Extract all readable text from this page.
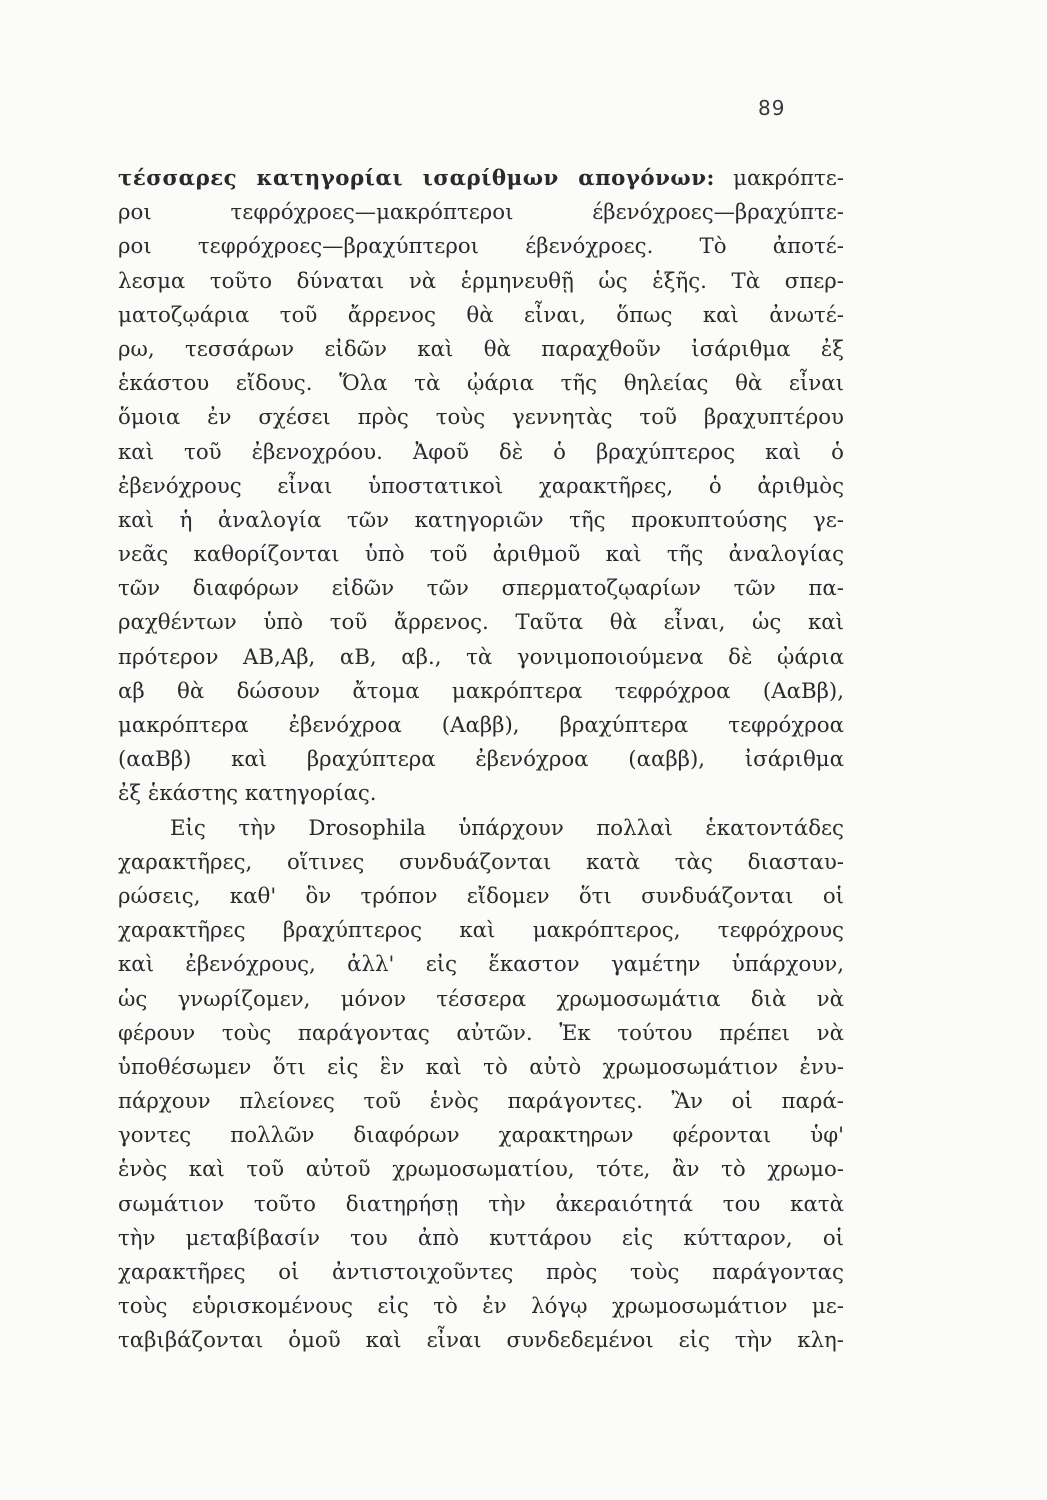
89
τέσσαρες κατηγορίαι ισαρίθμων απογόνων: μακρόπτε-
ροι τεφρόχροες—μακρόπτεροι έβενόχροες—βραχύπτε-
ροι τεφρόχροες—βραχύπτεροι έβενόχροες. Τὸ ἀποτέ-
λεσμα τοῦτο δύναται νὰ ἑρμηνευθῇ ὡς ἑξῆς. Τὰ σπερ-
ματοζῳάρια τοῦ ἄρρενος θὰ εἶναι, ὅπως καὶ ἀνωτέ-
ρω, τεσσάρων εἰδῶν καὶ θὰ παραχθοῦν ἰσάριθμα ἐξ
ἑκάστου εἴδους. Ὅλα τὰ ᾠάρια τῆς θηλείας θὰ εἶναι
ὅμοια ἐν σχέσει πρὸς τοὺς γεννητὰς τοῦ βραχυπτέρου
καὶ τοῦ ἐβενοχρόου. Ἀφοῦ δὲ ὁ βραχύπτερος καὶ ὁ
ἐβενόχρους εἶναι ὑποστατικοὶ χαρακτῆρες, ὁ ἀριθμὸς
καὶ ἡ ἀναλογία τῶν κατηγοριῶν τῆς προκυπτούσης γε-
νεᾶς καθορίζονται ὑπὸ τοῦ ἀριθμοῦ καὶ τῆς ἀναλογίας
τῶν διαφόρων εἰδῶν τῶν σπερματοζῳαρίων τῶν πα-
ραχθέντων ὑπὸ τοῦ ἄρρενος. Ταῦτα θὰ εἶναι, ὡς καὶ
πρότερον ΑΒ,Αβ, αΒ, αβ., τὰ γονιμοποιούμενα δὲ ᾠάρια
αβ θὰ δώσουν ἄτομα μακρόπτερα τεφρόχροα (ΑαΒβ),
μακρόπτερα ἐβενόχροα (Ααββ), βραχύπτερα τεφρόχροα
(ααΒβ) καὶ βραχύπτερα ἐβενόχροα (ααββ), ἰσάριθμα
ἐξ ἑκάστης κατηγορίας.
Εἰς τὴν Drosophila ὑπάρχουν πολλαὶ ἑκατοντάδες
χαρακτῆρες, οἵτινες συνδυάζονται κατὰ τὰς διασταυ-
ρώσεις, καθ' ὃν τρόπον εἴδομεν ὅτι συνδυάζονται οἱ
χαρακτῆρες βραχύπτερος καὶ μακρόπτερος, τεφρόχρους
καὶ ἐβενόχρους, ἀλλ' εἰς ἕκαστον γαμέτην ὑπάρχουν,
ὡς γνωρίζομεν, μόνον τέσσερα χρωμοσωμάτια διὰ νὰ
φέρουν τοὺς παράγοντας αὐτῶν. Ἐκ τούτου πρέπει νὰ
ὑποθέσωμεν ὅτι εἰς ἓν καὶ τὸ αὐτὸ χρωμοσωμάτιον ἐνυ-
πάρχουν πλείονες τοῦ ἑνὸς παράγοντες. Ἂν οἱ παρά-
γοντες πολλῶν διαφόρων χαρακτηρων φέρονται ὑφ'
ἑνὸς καὶ τοῦ αὐτοῦ χρωμοσωματίου, τότε, ἂν τὸ χρωμο-
σωμάτιον τοῦτο διατηρήσῃ τὴν ἀκεραιότητά του κατὰ
τὴν μεταβίβασίν του ἀπὸ κυττάρου εἰς κύτταρον, οἱ
χαρακτῆρες οἱ ἀντιστοιχοῦντες πρὸς τοὺς παράγοντας
τοὺς εὑρισκομένους εἰς τὸ ἐν λόγῳ χρωμοσωμάτιον με-
ταβιβάζονται ὁμοῦ καὶ εἶναι συνδεδεμένοι εἰς τὴν κλη-
